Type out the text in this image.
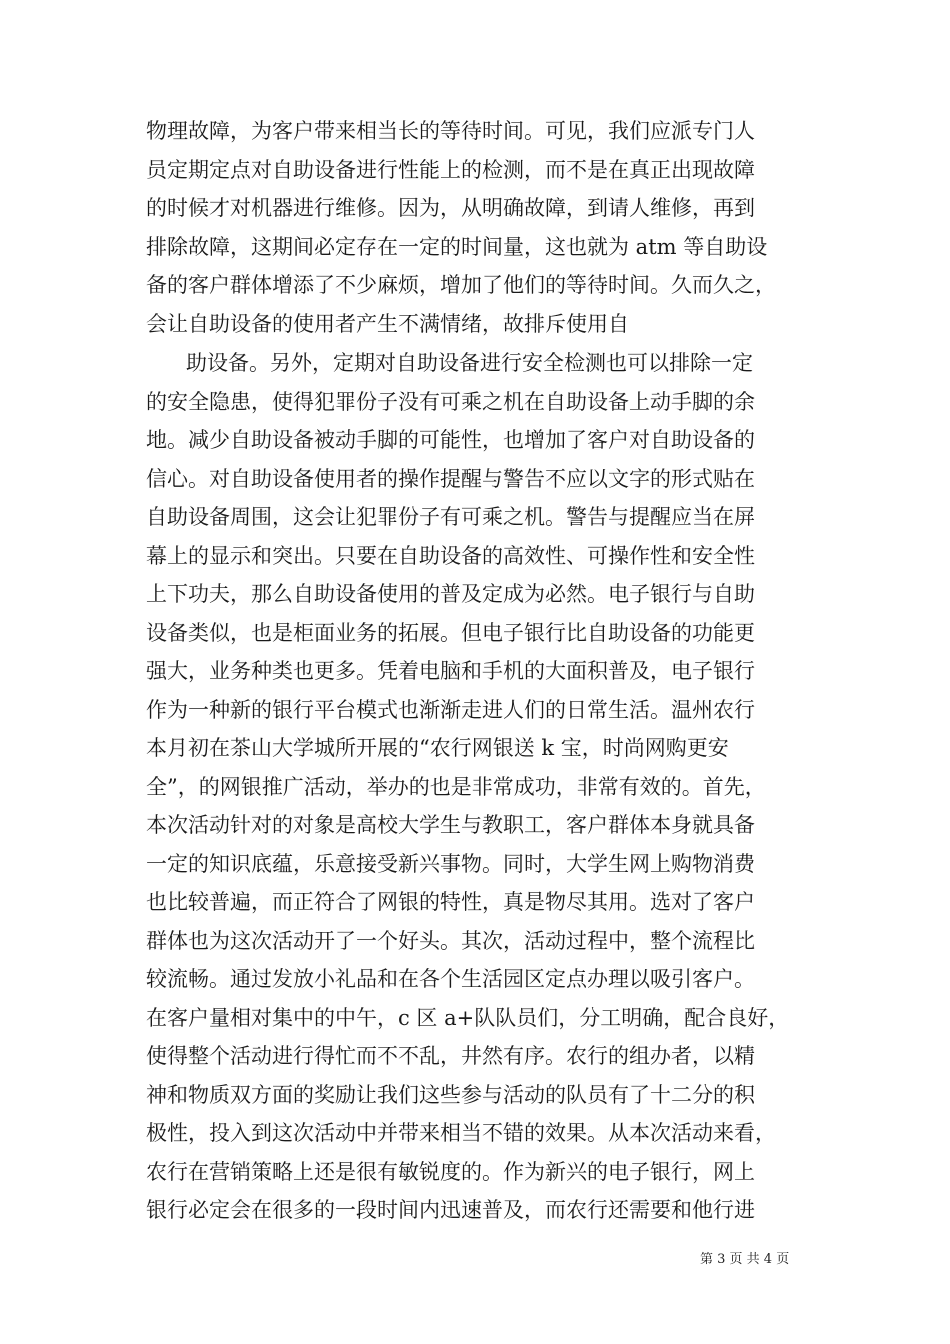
物理故障，为客户带来相当长的等待时间。可见，我们应派专门人
员定期定点对自助设备进行性能上的检测，而不是在真正出现故障
的时候才对机器进行维修。因为，从明确故障，到请人维修，再到
排除故障，这期间必定存在一定的时间量，这也就为 atm 等自助设
备的客户群体增添了不少麻烦，增加了他们的等待时间。久而久之，
会让自助设备的使用者产生不满情绪，故排斥使用自
助设备。另外，定期对自助设备进行安全检测也可以排除一定
的安全隐患，使得犯罪份子没有可乘之机在自助设备上动手脚的余
地。减少自助设备被动手脚的可能性，也增加了客户对自助设备的
信心。对自助设备使用者的操作提醒与警告不应以文字的形式贴在
自助设备周围，这会让犯罪份子有可乘之机。警告与提醒应当在屏
幕上的显示和突出。只要在自助设备的高效性、可操作性和安全性
上下功夫，那么自助设备使用的普及定成为必然。电子银行与自助
设备类似，也是柜面业务的拓展。但电子银行比自助设备的功能更
强大，业务种类也更多。凭着电脑和手机的大面积普及，电子银行
作为一种新的银行平台模式也渐渐走进人们的日常生活。温州农行
本月初在茶山大学城所开展的“农行网银送 k 宝，时尚网购更安
全”，的网银推广活动，举办的也是非常成功，非常有效的。首先，
本次活动针对的对象是高校大学生与教职工，客户群体本身就具备
一定的知识底蕴，乐意接受新兴事物。同时，大学生网上购物消费
也比较普遍，而正符合了网银的特性，真是物尽其用。选对了客户
群体也为这次活动开了一个好头。其次，活动过程中，整个流程比
较流畅。通过发放小礼品和在各个生活园区定点办理以吸引客户。
在客户量相对集中的中午，c 区 a+队队员们，分工明确，配合良好，
使得整个活动进行得忙而不不乱，井然有序。农行的组办者，以精
神和物质双方面的奖励让我们这些参与活动的队员有了十二分的积
极性，投入到这次活动中并带来相当不错的效果。从本次活动来看，
农行在营销策略上还是很有敏锐度的。作为新兴的电子银行，网上
银行必定会在很多的一段时间内迅速普及，而农行还需要和他行进
第 3 页 共 4 页
